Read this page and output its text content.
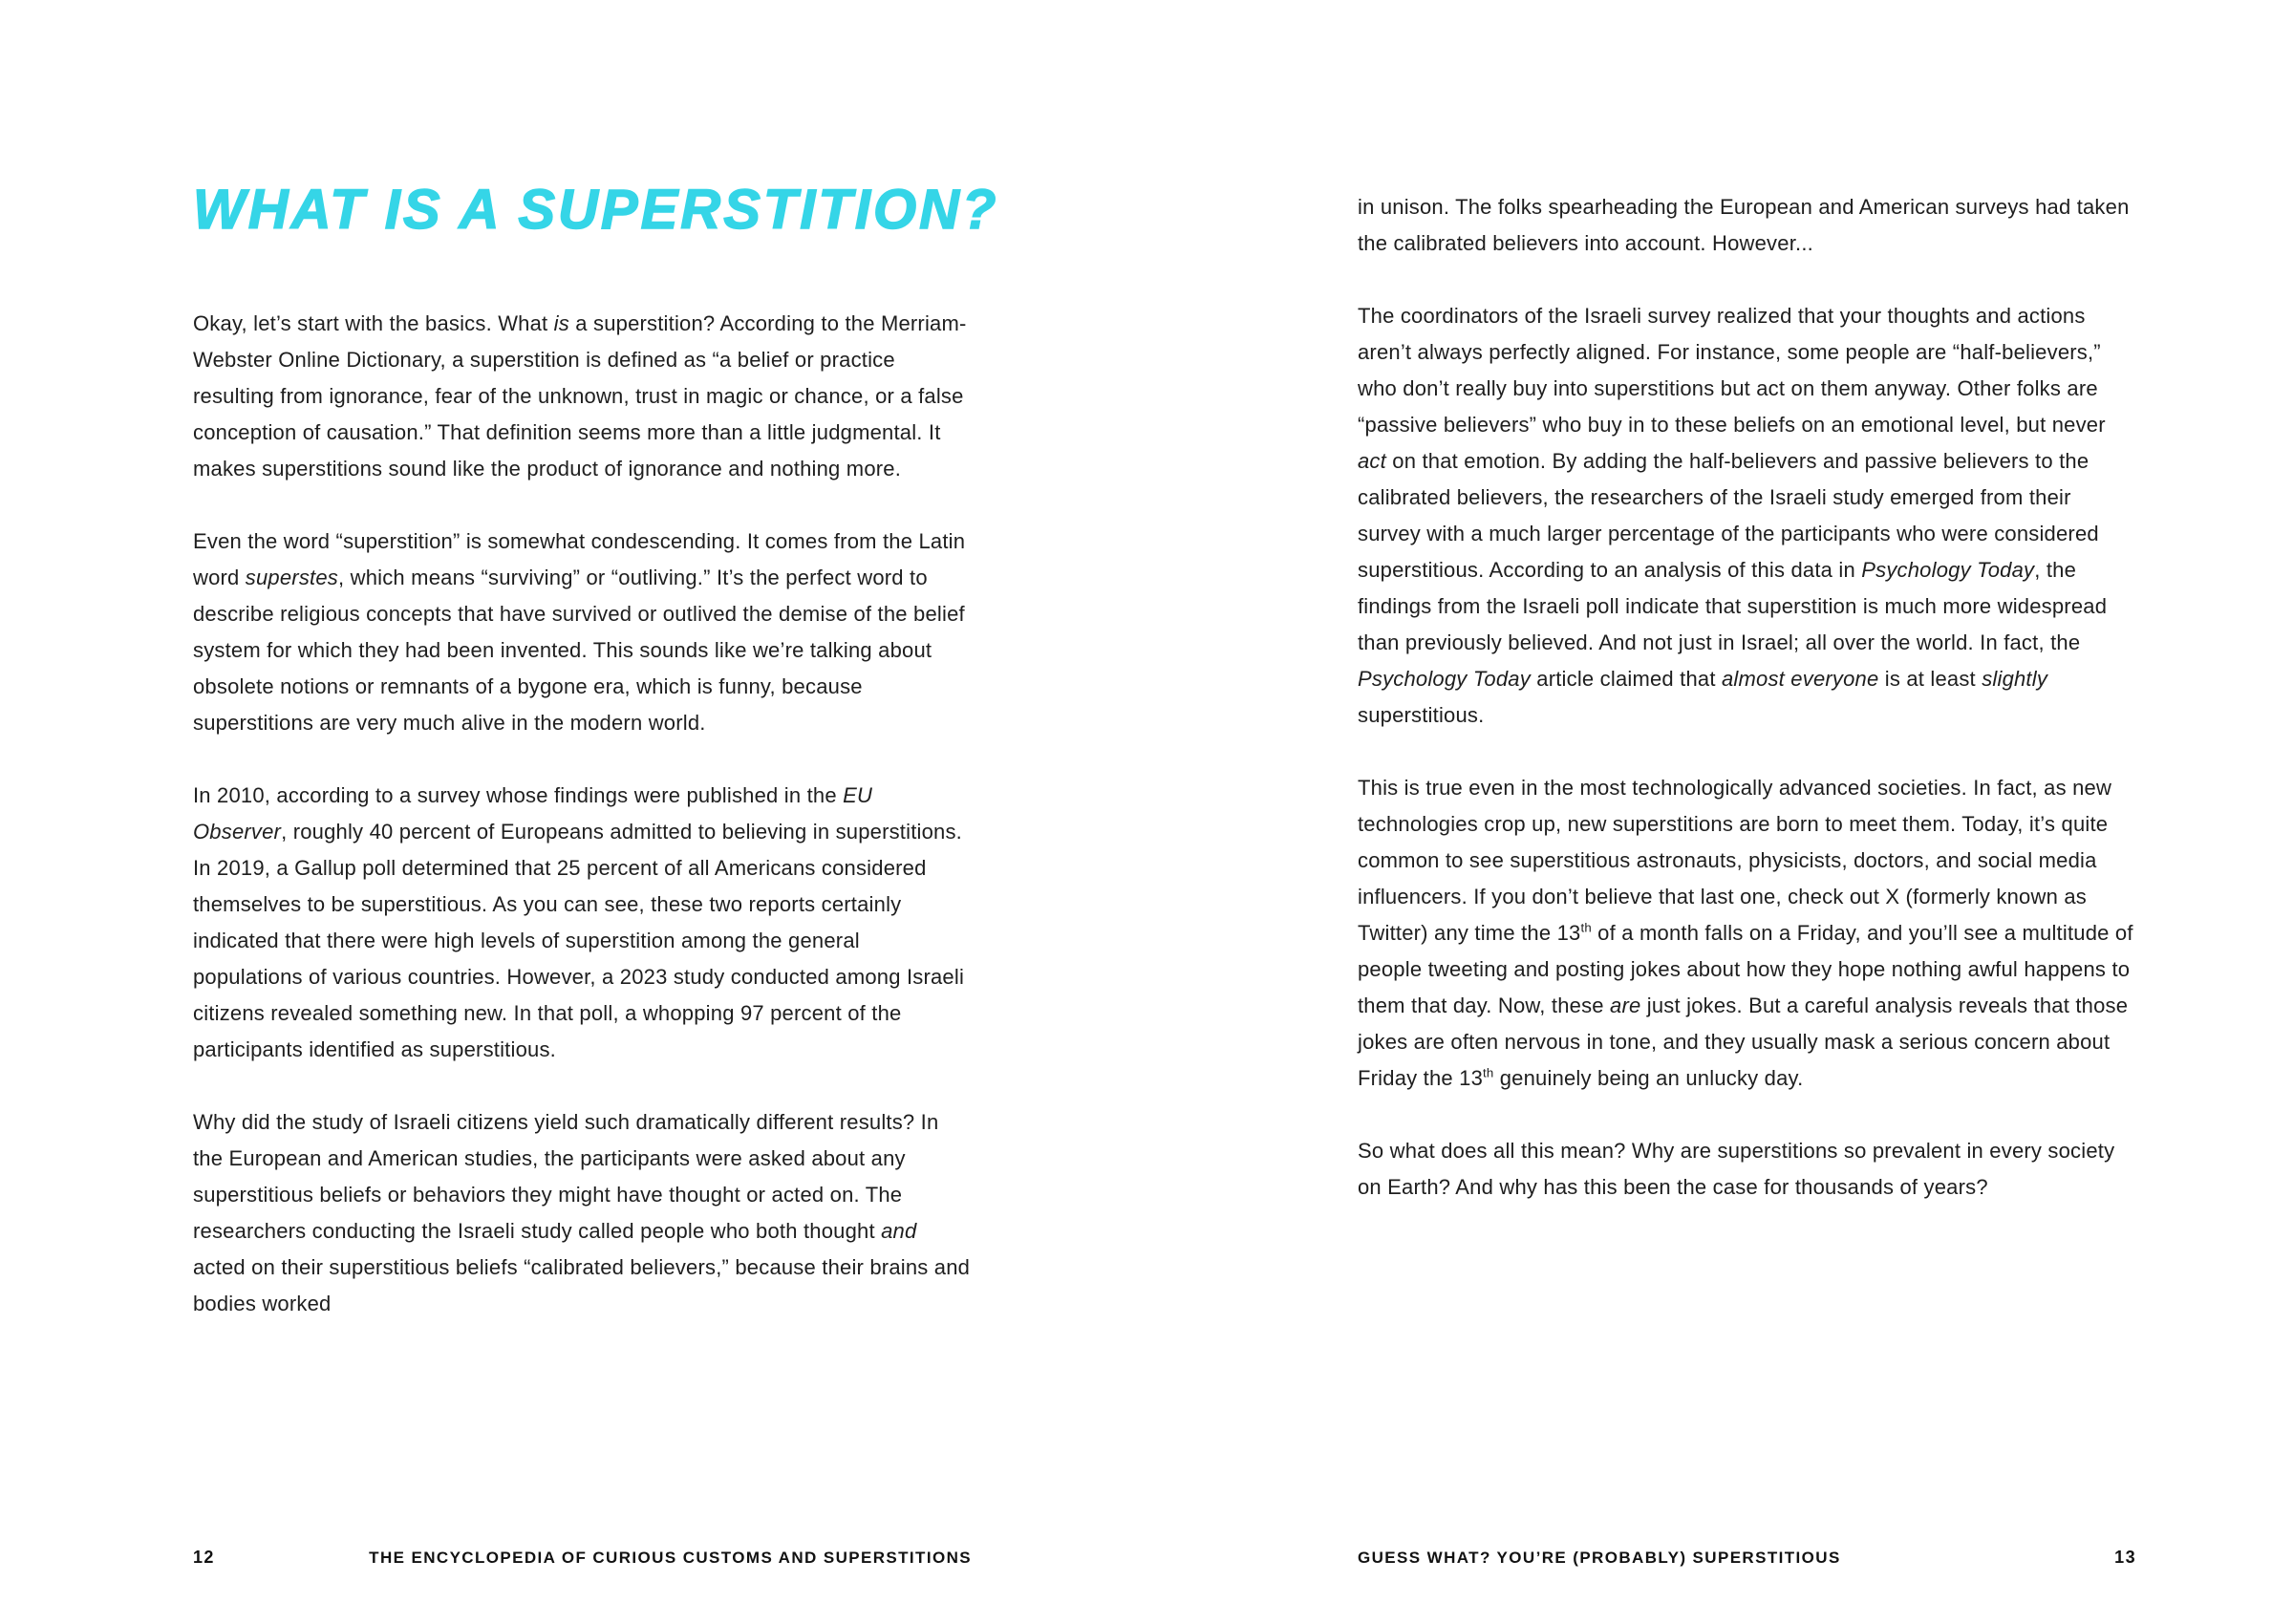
WHAT IS A SUPERSTITION?

Okay, let’s start with the basics. What is a superstition? According to the Merriam-Webster Online Dictionary, a superstition is defined as “a belief or practice resulting from ignorance, fear of the unknown, trust in magic or chance, or a false conception of causation.” That definition seems more than a little judgmental. It makes superstitions sound like the product of ignorance and nothing more.

Even the word “superstition” is somewhat condescending. It comes from the Latin word superstes, which means “surviving” or “outliving.” It’s the perfect word to describe religious concepts that have survived or outlived the demise of the belief system for which they had been invented. This sounds like we’re talking about obsolete notions or remnants of a bygone era, which is funny, because superstitions are very much alive in the modern world.

In 2010, according to a survey whose findings were published in the EU Observer, roughly 40 percent of Europeans admitted to believing in superstitions. In 2019, a Gallup poll determined that 25 percent of all Americans considered themselves to be superstitious. As you can see, these two reports certainly indicated that there were high levels of superstition among the general populations of various countries. However, a 2023 study conducted among Israeli citizens revealed something new. In that poll, a whopping 97 percent of the participants identified as superstitious.

Why did the study of Israeli citizens yield such dramatically different results? In the European and American studies, the participants were asked about any superstitious beliefs or behaviors they might have thought or acted on. The researchers conducting the Israeli study called people who both thought and acted on their superstitious beliefs “calibrated believers,” because their brains and bodies worked

12	THE ENCYCLOPEDIA OF CURIOUS CUSTOMS AND SUPERSTITIONS

in unison. The folks spearheading the European and American surveys had taken the calibrated believers into account. However...

The coordinators of the Israeli survey realized that your thoughts and actions aren’t always perfectly aligned. For instance, some people are “half-believers,” who don’t really buy into superstitions but act on them anyway. Other folks are “passive believers” who buy in to these beliefs on an emotional level, but never act on that emotion. By adding the half-believers and passive believers to the calibrated believers, the researchers of the Israeli study emerged from their survey with a much larger percentage of the participants who were considered superstitious. According to an analysis of this data in Psychology Today, the findings from the Israeli poll indicate that superstition is much more widespread than previously believed. And not just in Israel; all over the world. In fact, the Psychology Today article claimed that almost everyone is at least slightly superstitious.

This is true even in the most technologically advanced societies. In fact, as new technologies crop up, new superstitions are born to meet them. Today, it’s quite common to see superstitious astronauts, physicists, doctors, and social media influencers. If you don’t believe that last one, check out X (formerly known as Twitter) any time the 13th of a month falls on a Friday, and you’ll see a multitude of people tweeting and posting jokes about how they hope nothing awful happens to them that day. Now, these are just jokes. But a careful analysis reveals that those jokes are often nervous in tone, and they usually mask a serious concern about Friday the 13th genuinely being an unlucky day.

So what does all this mean? Why are superstitions so prevalent in every society on Earth? And why has this been the case for thousands of years?

GUESS WHAT? YOU’RE (PROBABLY) SUPERSTITIOUS	13
